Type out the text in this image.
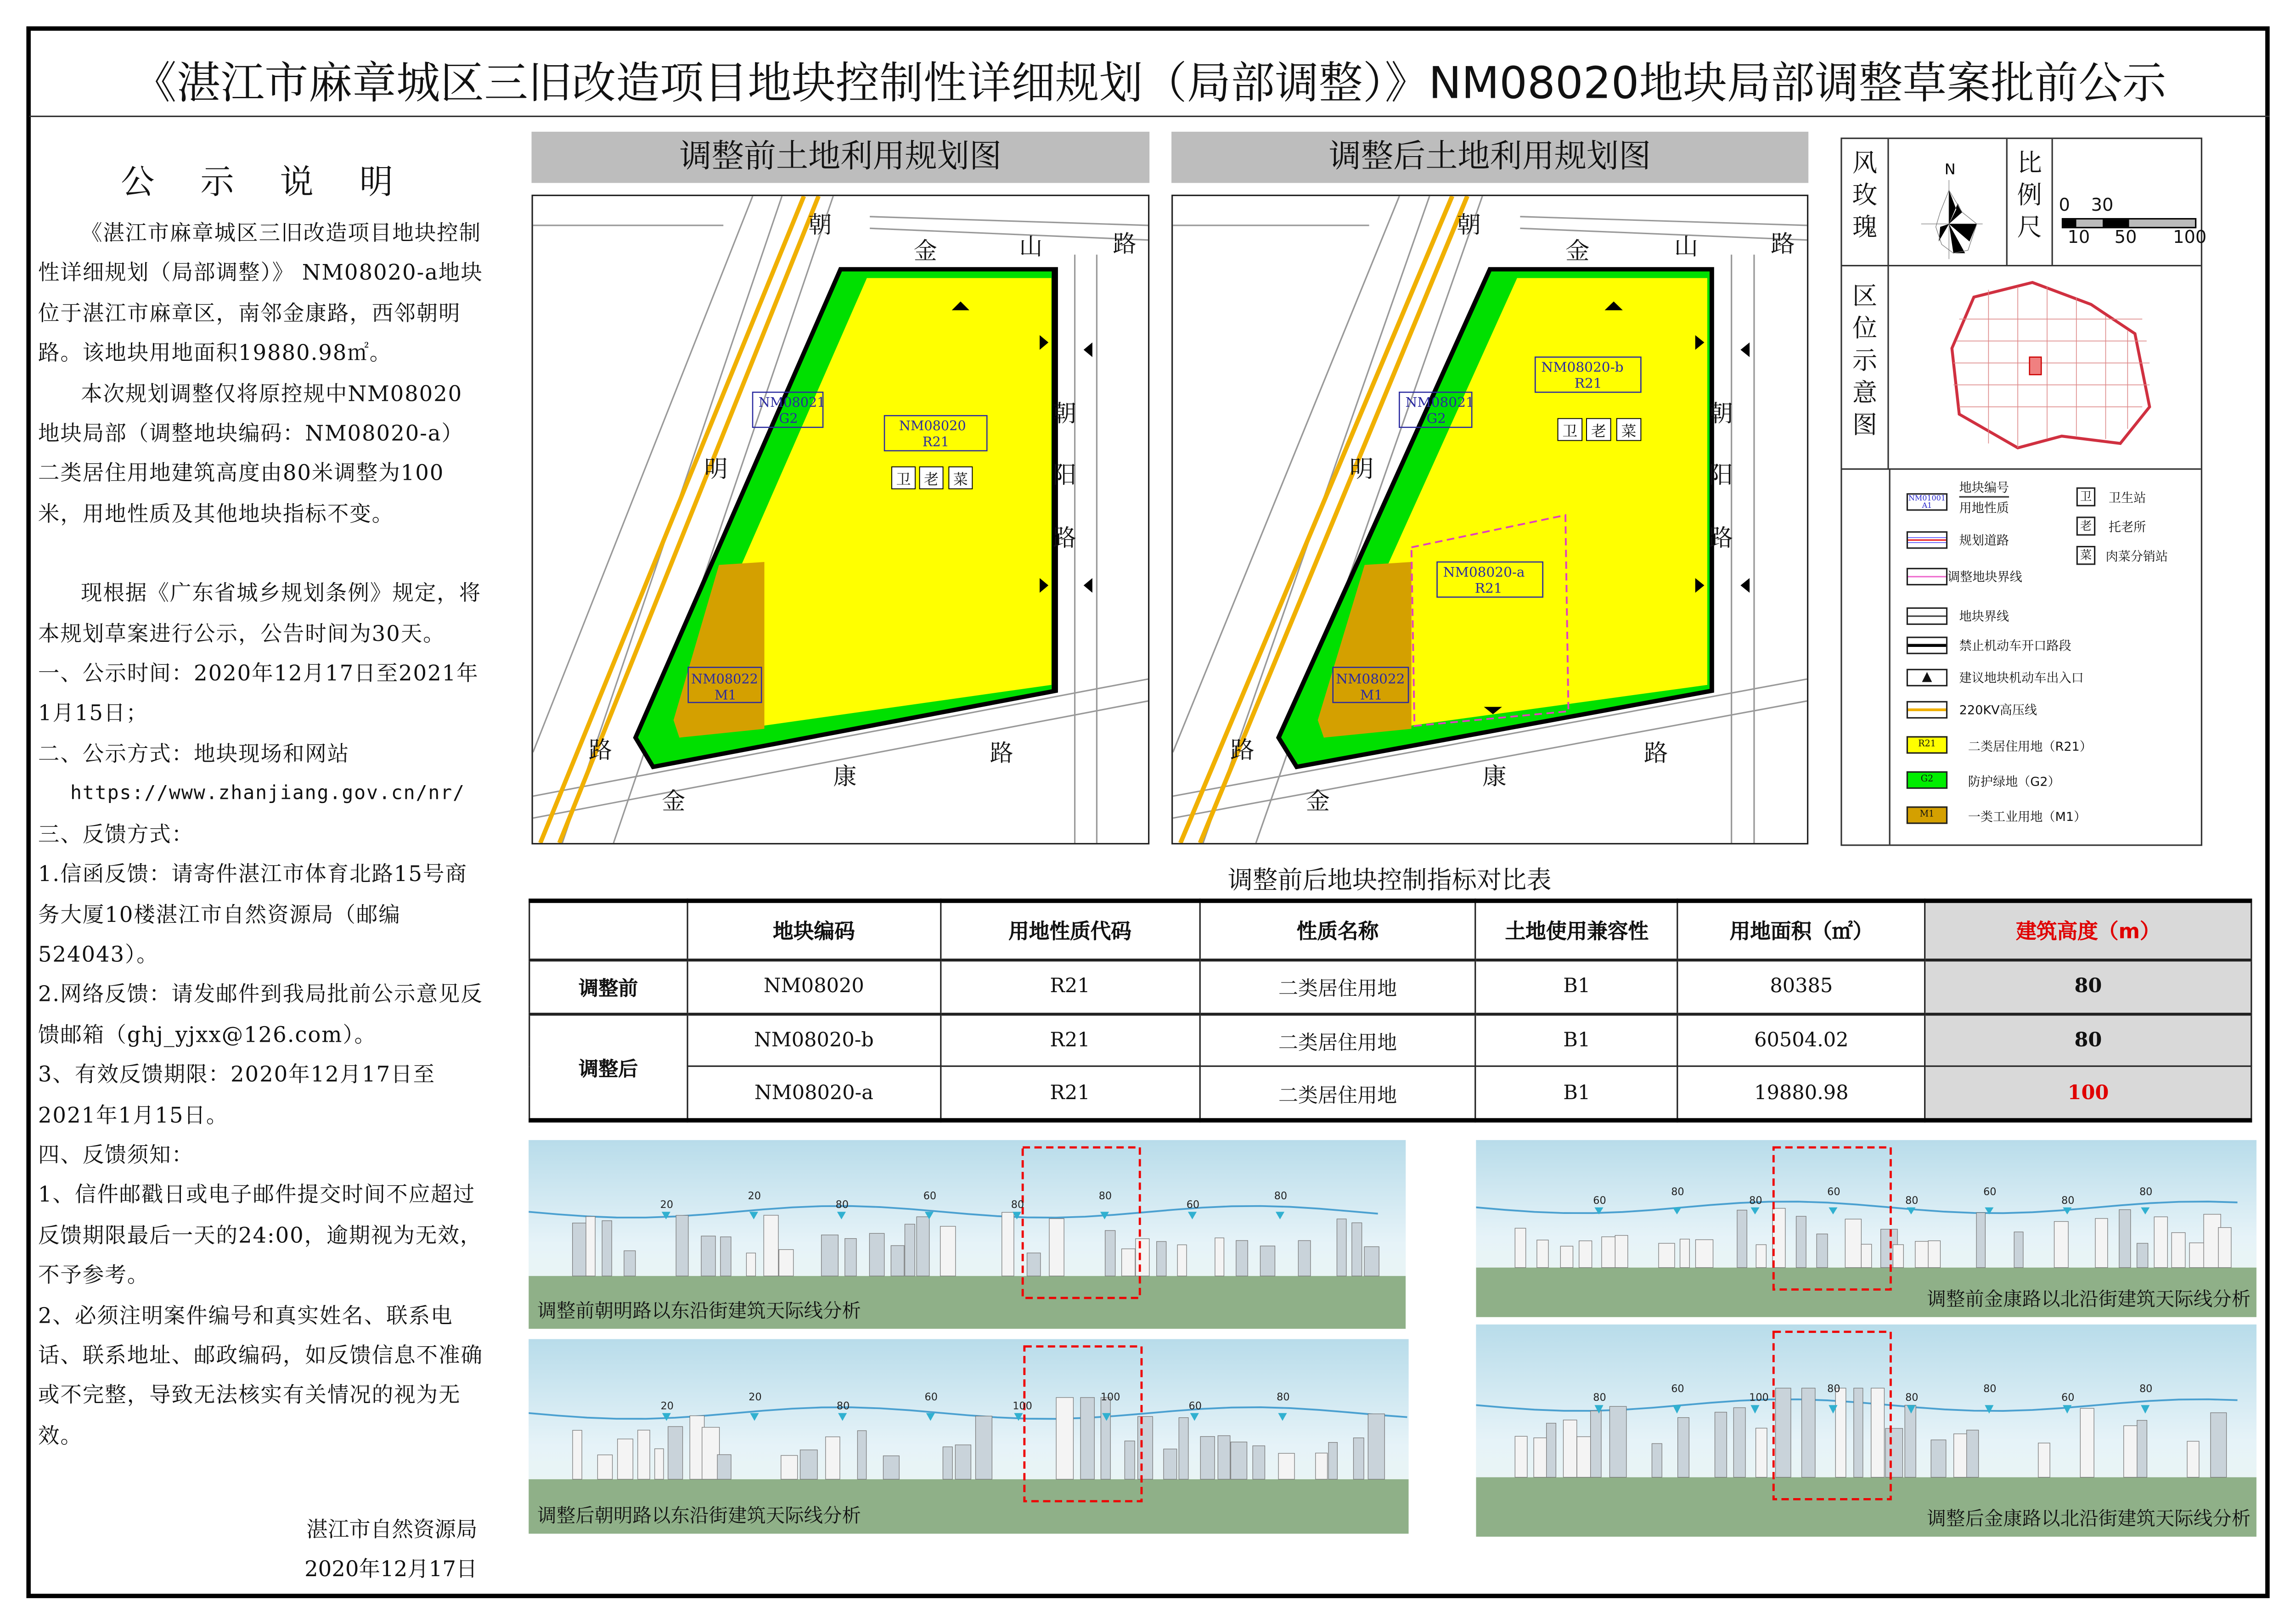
《湛江市麻章城区三旧改造项目地块控制性详细规划（局部调整）》NM08020地块局部调整草案批前公示
公 示 说 明

《湛江市麻章城区三旧改造项目地块控制性详细规划（局部调整）》 NM08020-a地块位于湛江市麻章区，南邻金康路，西邻朝明路。该地块用地面积19880.98㎡。

本次规划调整仅将原控规中NM08020地块局部（调整地块编码：NM08020-a）二类居住用地建筑高度由80米调整为100米，用地性质及其他地块指标不变。

现根据《广东省城乡规划条例》规定，将本规划草案进行公示，公告时间为30天。

一、公示时间：2020年12月17日至2021年1月15日；

二、公示方式：地块现场和网站

https://www.zhanjiang.gov.cn/nr/

三、反馈方式：

1.信函反馈：请寄件湛江市体育北路15号商务大厦10楼湛江市自然资源局（邮编524043）。

2.网络反馈：请发邮件到我局批前公示意见反馈邮箱（ghj_yjxx@126.com）。

3、有效反馈期限：2020年12月17日至2021年1月15日。

四、反馈须知：

1、信件邮戳日或电子邮件提交时间不应超过反馈期限最后一天的24:00，逾期视为无效，不予参考。

2、必须注明案件编号和真实姓名、联系电话、联系地址、邮政编码，如反馈信息不准确或不完整，导致无法核实有关情况的视为无效。

湛江市自然资源局
2020年12月17日
调整前土地利用规划图	调整后土地利用规划图
朝
金	山	路
朝
阳
路
明
路
金
康
路
NM08021
G2	NM08020
R21
NM08022
M1
卫	老	菜
朝
金	山	路
朝
阳
路
明
路
金
康
路
NM08021
G2
NM08020-b
R21
NM08020-a
R21
NM08022
M1
卫	老	菜
风玫瑰
N	比例尺
0	30
10	50	100
区位示意图
NM01001
A1
地块编号
用地性质
规划道路
调整地块界线
地块界线
禁止机动车开口路段
▲	建议地块机动车出入口
220KV高压线
R21	二类居住用地（R21）
G2	防护绿地（G2）
M1	一类工业用地（M1）
卫	卫生站
老	托老所
菜	肉菜分销站
调整前后地块控制指标对比表
	地块编码	用地性质代码	性质名称	土地使用兼容性	用地面积（㎡）	建筑高度（m）
调整前	NM08020	R21	二类居住用地	B1	80385	80
调整后	NM08020-b	R21	二类居住用地	B1	60504.02	80
	NM08020-a	R21	二类居住用地	B1	19880.98	100
20
20
80
60
80
80
60
80
调整前朝明路以东沿街建筑天际线分析
20
20
80
60
100
100
60
80
调整后朝明路以东沿街建筑天际线分析
60
80
80
60
80
60
80
80
调整前金康路以北沿街建筑天际线分析
80
60
100
80
80
80
60
80
调整后金康路以北沿街建筑天际线分析
